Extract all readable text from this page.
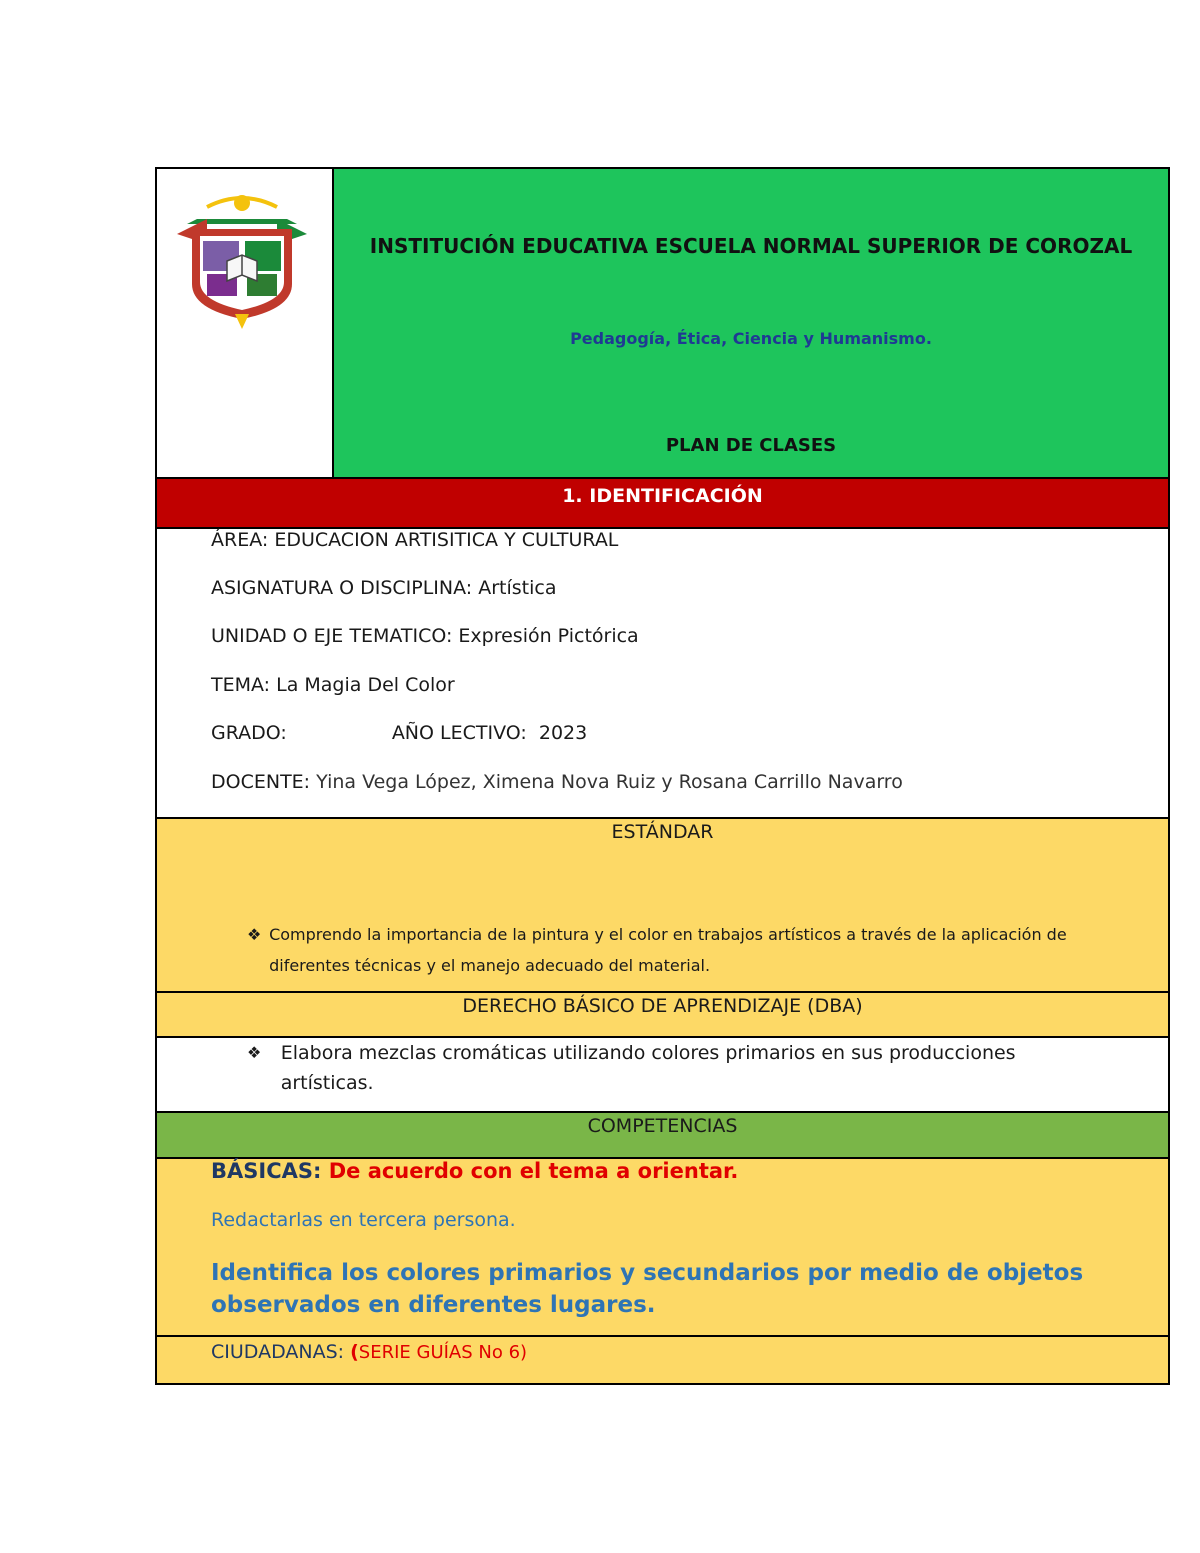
INSTITUCIÓN EDUCATIVA ESCUELA NORMAL SUPERIOR DE COROZAL
Pedagogía, Ética, Ciencia y Humanismo.
PLAN DE CLASES
1. IDENTIFICACIÓN

ÁREA: EDUCACION ARTISITICA Y CULTURAL

ASIGNATURA O DISCIPLINA: Artística

UNIDAD O EJE TEMATICO: Expresión Pictórica

TEMA: La Magia Del Color

GRADO:	AÑO LECTIVO: 2023

DOCENTE: Yina Vega López, Ximena Nova Ruiz y Rosana Carrillo Navarro

ESTÁNDAR
❖ Comprendo la importancia de la pintura y el color en trabajos artísticos a través de la aplicación de diferentes técnicas y el manejo adecuado del material.
DERECHO BÁSICO DE APRENDIZAJE (DBA)
❖	Elabora mezclas cromáticas utilizando colores primarios en sus producciones artísticas.
COMPETENCIAS
BÁSICAS: De acuerdo con el tema a orientar.
Redactarlas en tercera persona.
Identifica los colores primarios y secundarios por medio de objetos observados en diferentes lugares.
CIUDADANAS: (SERIE GUÍAS No 6)
